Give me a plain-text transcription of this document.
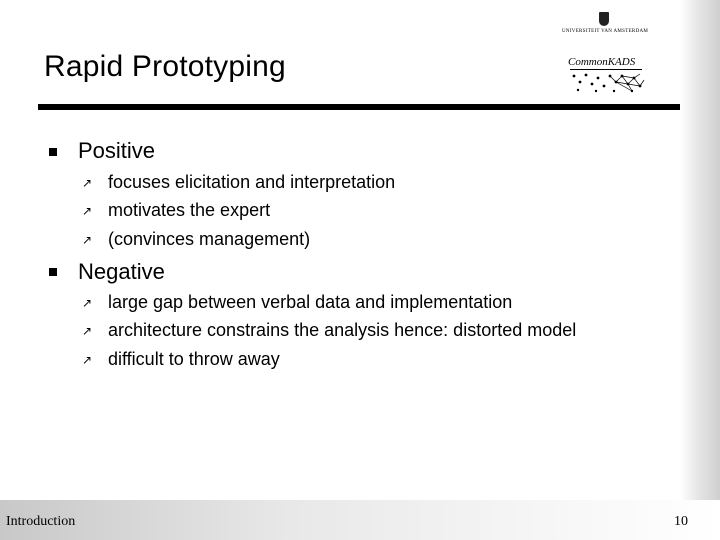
UNIVERSITEIT VAN AMSTERDAM
CommonKADS
Rapid Prototyping
Positive
↗ focuses elicitation and interpretation
↗ motivates the expert
↗ (convinces management)
Negative
↗ large gap between verbal data and implementation
↗ architecture constrains the analysis hence: distorted model
↗ difficult to throw away
Introduction	10
